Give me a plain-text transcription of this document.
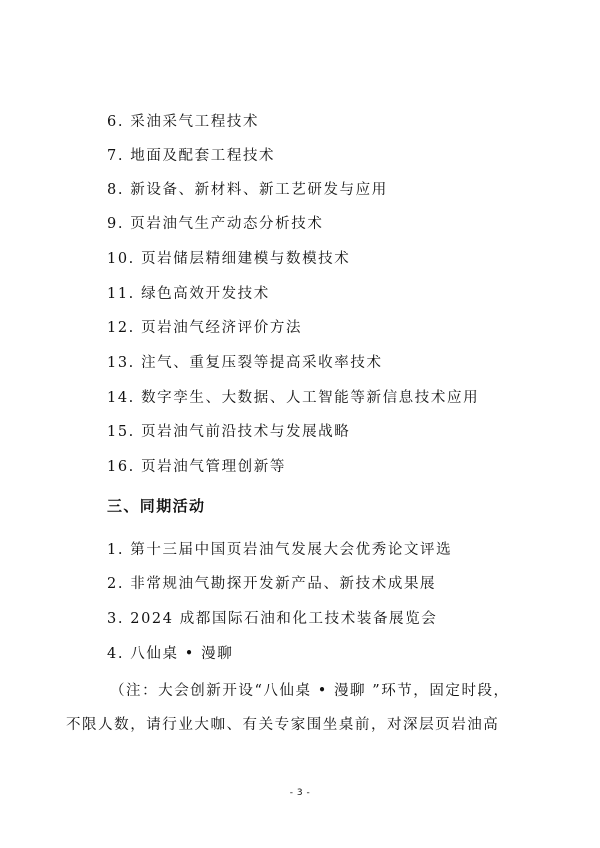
6. 采油采气工程技术
7. 地面及配套工程技术
8. 新设备、新材料、新工艺研发与应用
9. 页岩油气生产动态分析技术
10. 页岩储层精细建模与数模技术
11. 绿色高效开发技术
12. 页岩油气经济评价方法
13. 注气、重复压裂等提高采收率技术
14. 数字孪生、大数据、人工智能等新信息技术应用
15. 页岩油气前沿技术与发展战略
16. 页岩油气管理创新等
三、同期活动
1. 第十三届中国页岩油气发展大会优秀论文评选
2. 非常规油气勘探开发新产品、新技术成果展
3. 2024 成都国际石油和化工技术装备展览会
4. 八仙桌 • 漫聊
（注：大会创新开设“八仙桌 • 漫聊 ”环节，固定时段，
不限人数，请行业大咖、有关专家围坐桌前，对深层页岩油高
- 3 -
